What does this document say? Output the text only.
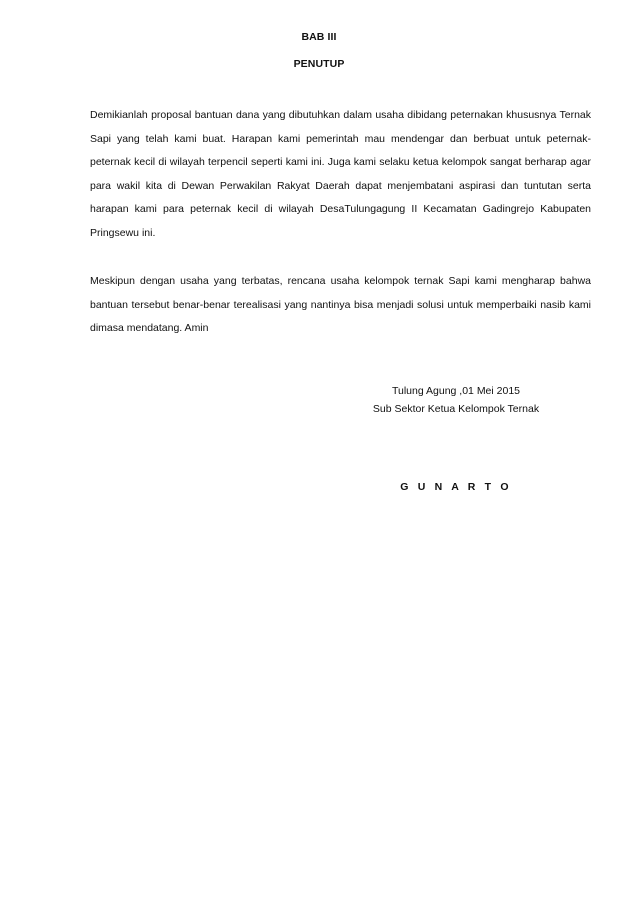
BAB III
PENUTUP

Demikianlah proposal bantuan dana yang dibutuhkan dalam usaha dibidang peternakan khususnya Ternak Sapi yang telah kami buat. Harapan kami pemerintah mau mendengar dan berbuat untuk peternak-peternak kecil di wilayah terpencil seperti kami ini. Juga kami selaku ketua kelompok sangat berharap agar para wakil kita di Dewan Perwakilan Rakyat Daerah dapat menjembatani aspirasi dan tuntutan serta harapan kami para peternak kecil di wilayah DesaTulungagung II Kecamatan Gadingrejo Kabupaten Pringsewu ini.

Meskipun dengan usaha yang terbatas, rencana usaha kelompok ternak Sapi kami mengharap bahwa bantuan tersebut benar-benar terealisasi yang nantinya bisa menjadi solusi untuk memperbaiki nasib kami dimasa mendatang. Amin

Tulung Agung ,01 Mei 2015
Sub Sektor Ketua Kelompok Ternak
G U N A R T O
